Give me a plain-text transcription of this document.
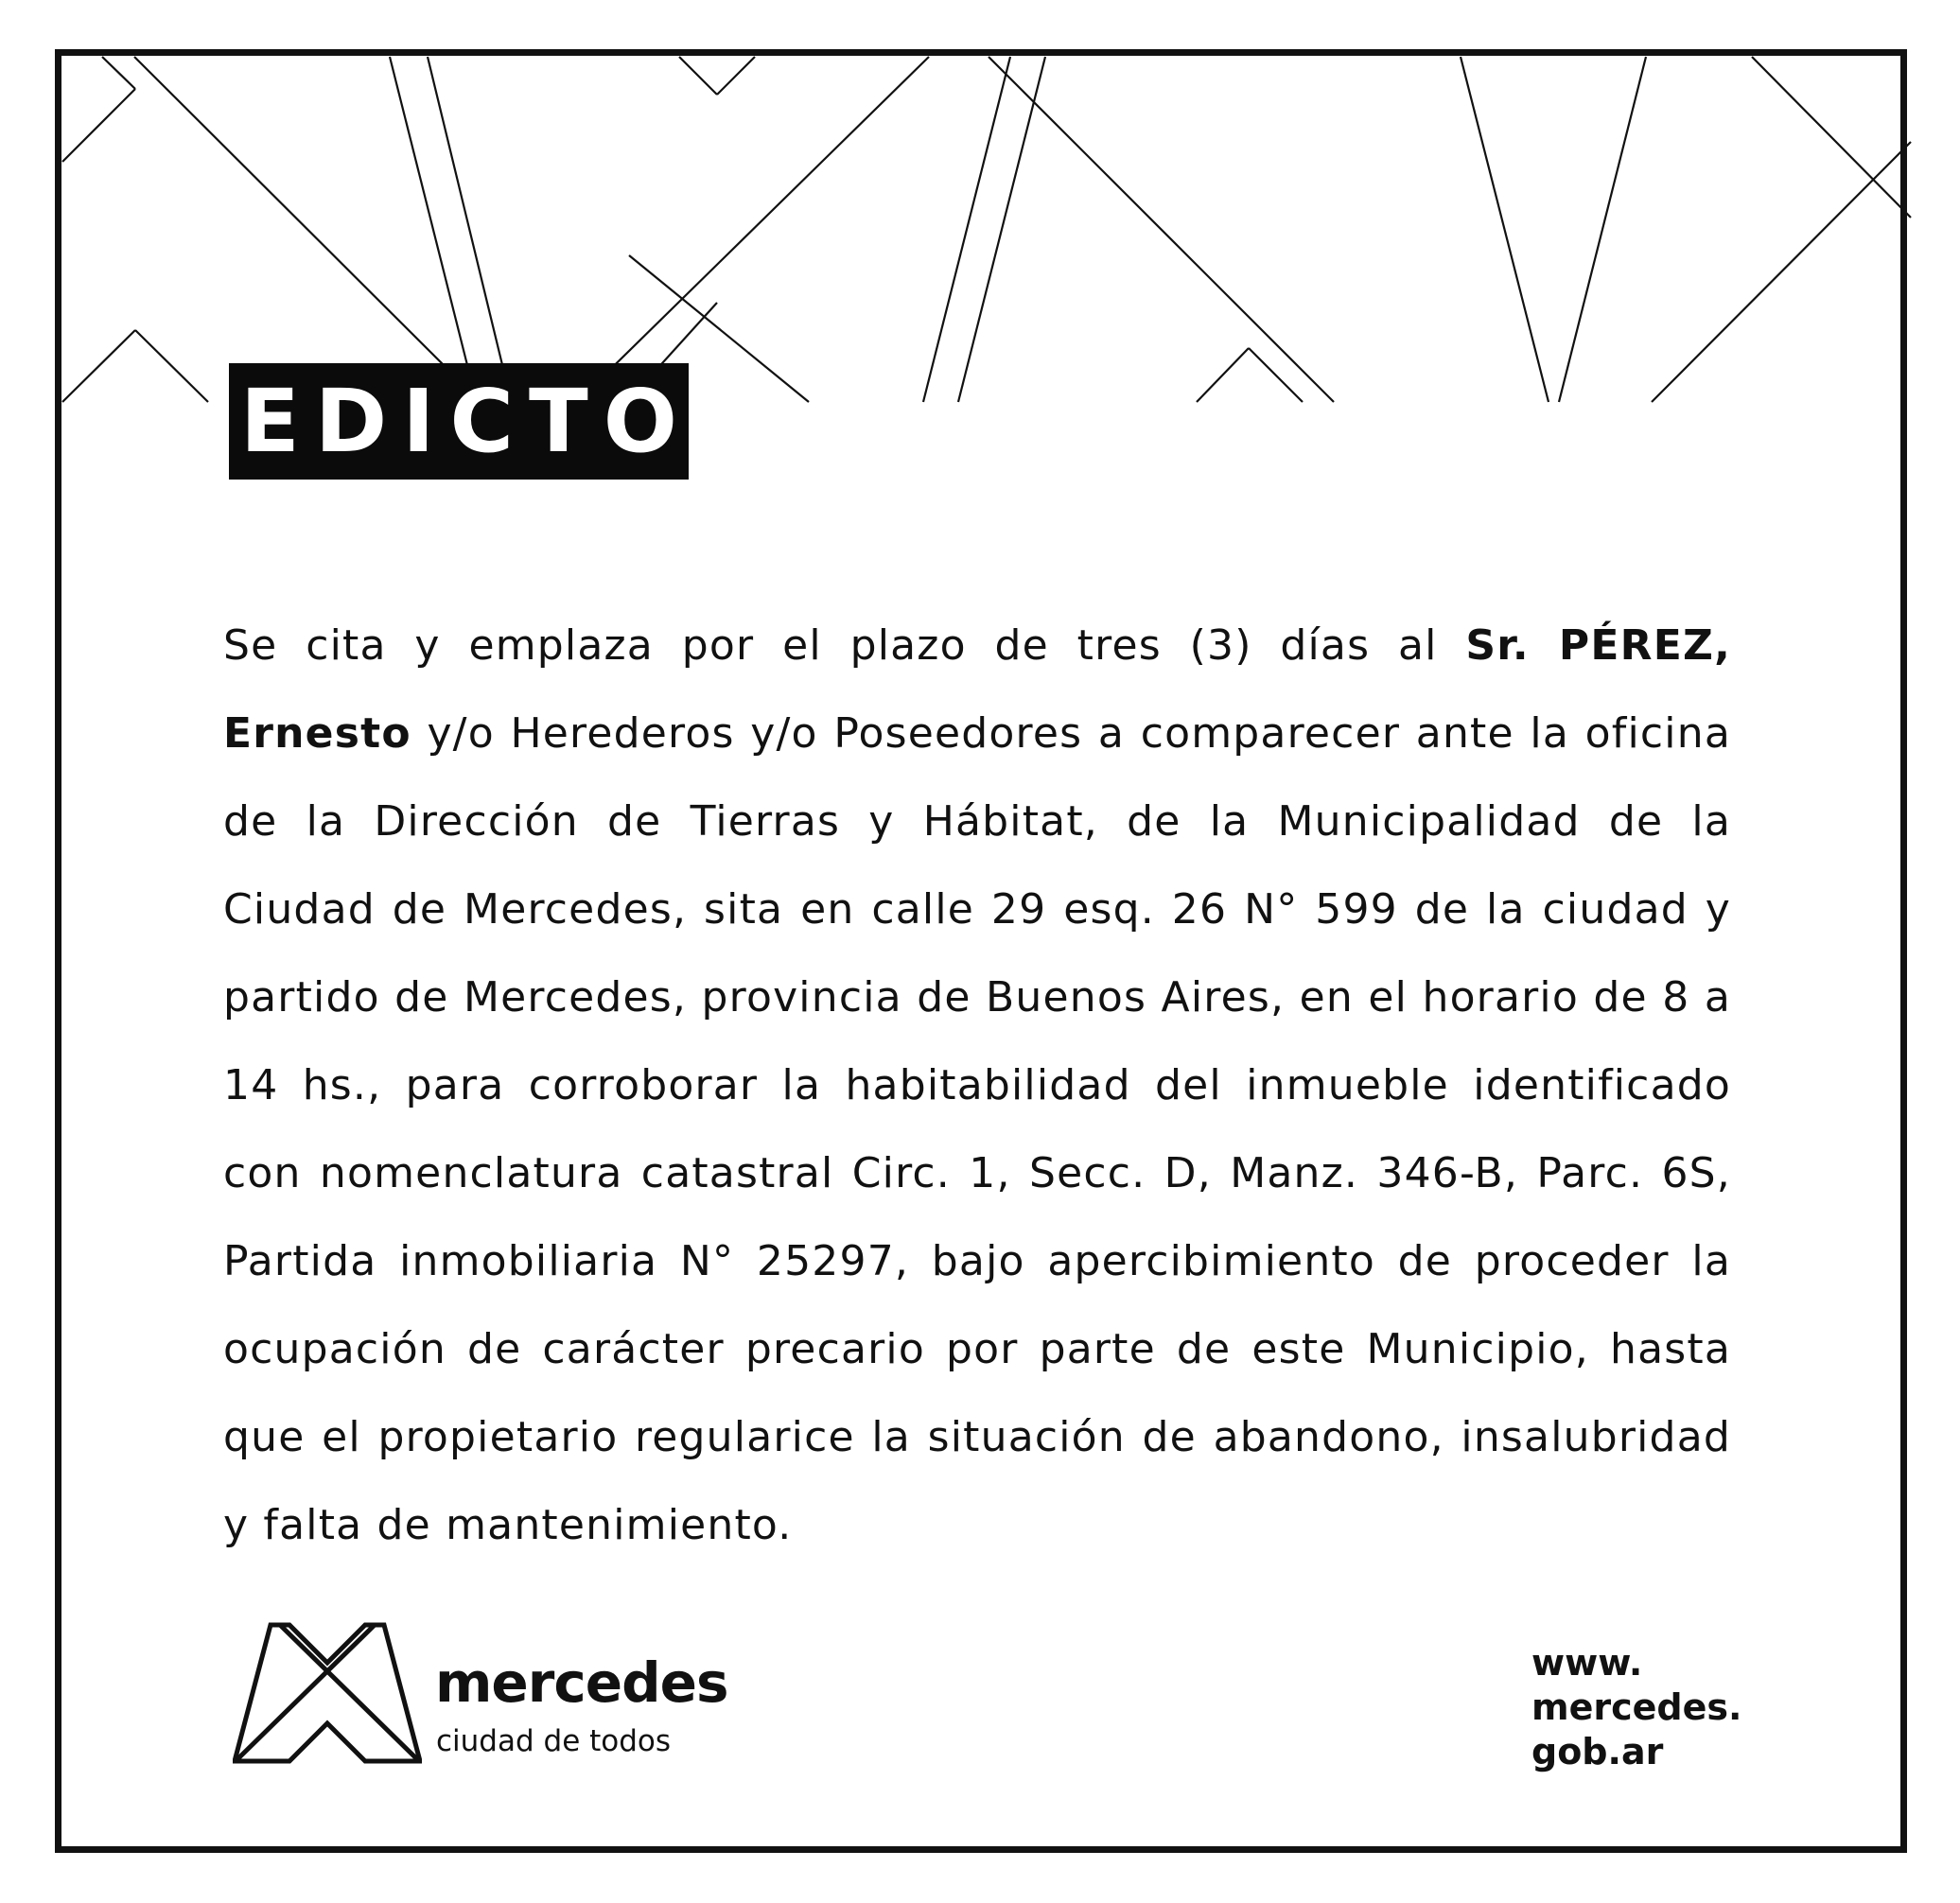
EDICTO

Se cita y emplaza por el plazo de tres (3) días al Sr. PÉREZ, Ernesto y/o Herederos y/o Poseedores a comparecer ante la oficina de la Dirección de Tierras y Hábitat, de la Municipalidad de la Ciudad de Mercedes, sita en calle 29 esq. 26 N° 599 de la ciudad y partido de Mercedes, provincia de Buenos Aires, en el horario de 8 a 14 hs., para corroborar la habitabilidad del inmueble identificado con nomenclatura catastral Circ. 1, Secc. D, Manz. 346-B, Parc. 6S, Partida inmobiliaria N° 25297, bajo apercibimiento de proceder la ocupación de carácter precario por parte de este Municipio, hasta que el propietario regularice la situación de abandono, insalubridad y falta de mantenimiento.

mercedes
ciudad de todos
www.
mercedes.
gob.ar
